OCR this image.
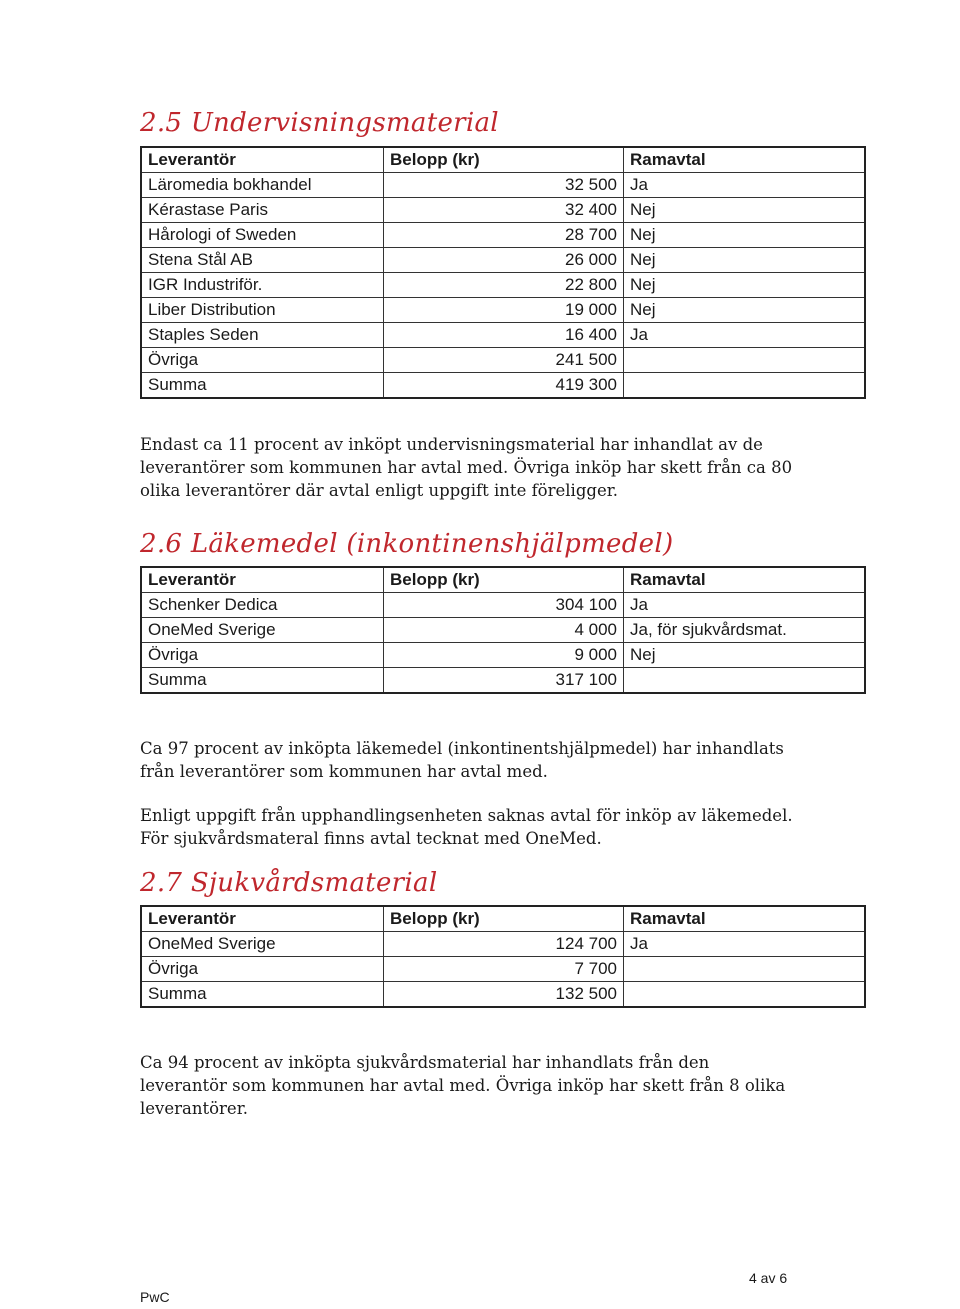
2.5 Undervisningsmaterial
Leverantör	Belopp (kr)	Ramavtal
Läromedia bokhandel	32 500	Ja
Kérastase Paris	32 400	Nej
Hårologi of Sweden	28 700	Nej
Stena Stål AB	26 000	Nej
IGR Industriför.	22 800	Nej
Liber Distribution	19 000	Nej
Staples Seden	16 400	Ja
Övriga	241 500	
Summa	419 300	

Endast ca 11 procent av inköpt undervisningsmaterial har inhandlat av de leverantörer som kommunen har avtal med. Övriga inköp har skett från ca 80 olika leverantörer där avtal enligt uppgift inte föreligger.

2.6 Läkemedel (inkontinenshjälpmedel)
Leverantör	Belopp (kr)	Ramavtal
Schenker Dedica	304 100	Ja
OneMed Sverige	4 000	Ja, för sjukvårdsmat.
Övriga	9 000	Nej
Summa	317 100	

Ca 97 procent av inköpta läkemedel (inkontinentshjälpmedel) har inhandlats från leverantörer som kommunen har avtal med.

Enligt uppgift från upphandlingsenheten saknas avtal för inköp av läkemedel. För sjukvårdsmateral finns avtal tecknat med OneMed.

2.7 Sjukvårdsmaterial
Leverantör	Belopp (kr)	Ramavtal
OneMed Sverige	124 700	Ja
Övriga	7 700	
Summa	132 500	

Ca 94 procent av inköpta sjukvårdsmaterial har inhandlats från den leverantör som kommunen har avtal med. Övriga inköp har skett från 8 olika leverantörer.

4 av 6
PwC
